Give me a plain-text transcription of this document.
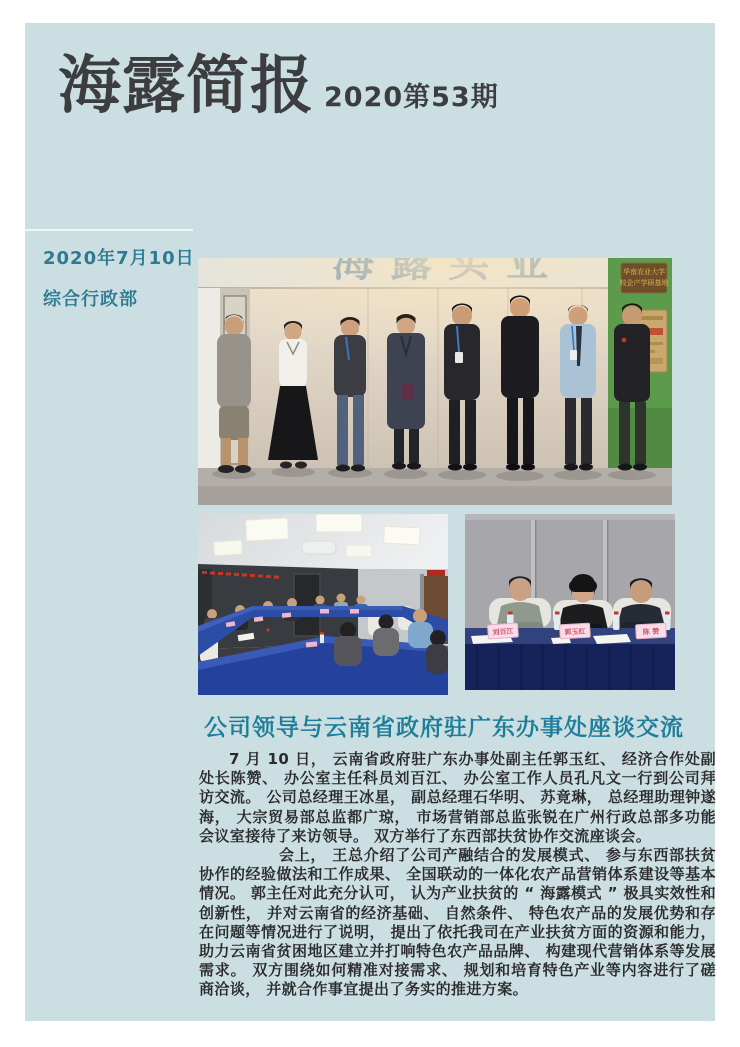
海露简报 2020第53期
2020年7月10日
综合行政部
华南农业大学
校企产学研基地
刘百江	郭玉红	陈 赞
公司领导与云南省政府驻广东办事处座谈交流

7 月 10 日， 云南省政府驻广东办事处副主任郭玉红、 经济合作处副处长陈赞、 办公室主任科员刘百江、 办公室工作人员孔凡文一行到公司拜访交流。 公司总经理王冰星， 副总经理石华明、 苏竟琳， 总经理助理钟遂海， 大宗贸易部总监都广琼， 市场营销部总监张锐在广州行政总部多功能会议室接待了来访领导。 双方举行了东西部扶贫协作交流座谈会。

会上， 王总介绍了公司产融结合的发展模式、 参与东西部扶贫协作的经验做法和工作成果、 全国联动的一体化农产品营销体系建设等基本情况。 郭主任对此充分认可， 认为产业扶贫的 “ 海露模式 ” 极具实效性和创新性， 并对云南省的经济基础、 自然条件、 特色农产品的发展优势和存在问题等情况进行了说明， 提出了依托我司在产业扶贫方面的资源和能力， 助力云南省贫困地区建立并打响特色农产品品牌、 构建现代营销体系等发展需求。 双方围绕如何精准对接需求、 规划和培育特色产业等内容进行了磋商洽谈， 并就合作事宜提出了务实的推进方案。
